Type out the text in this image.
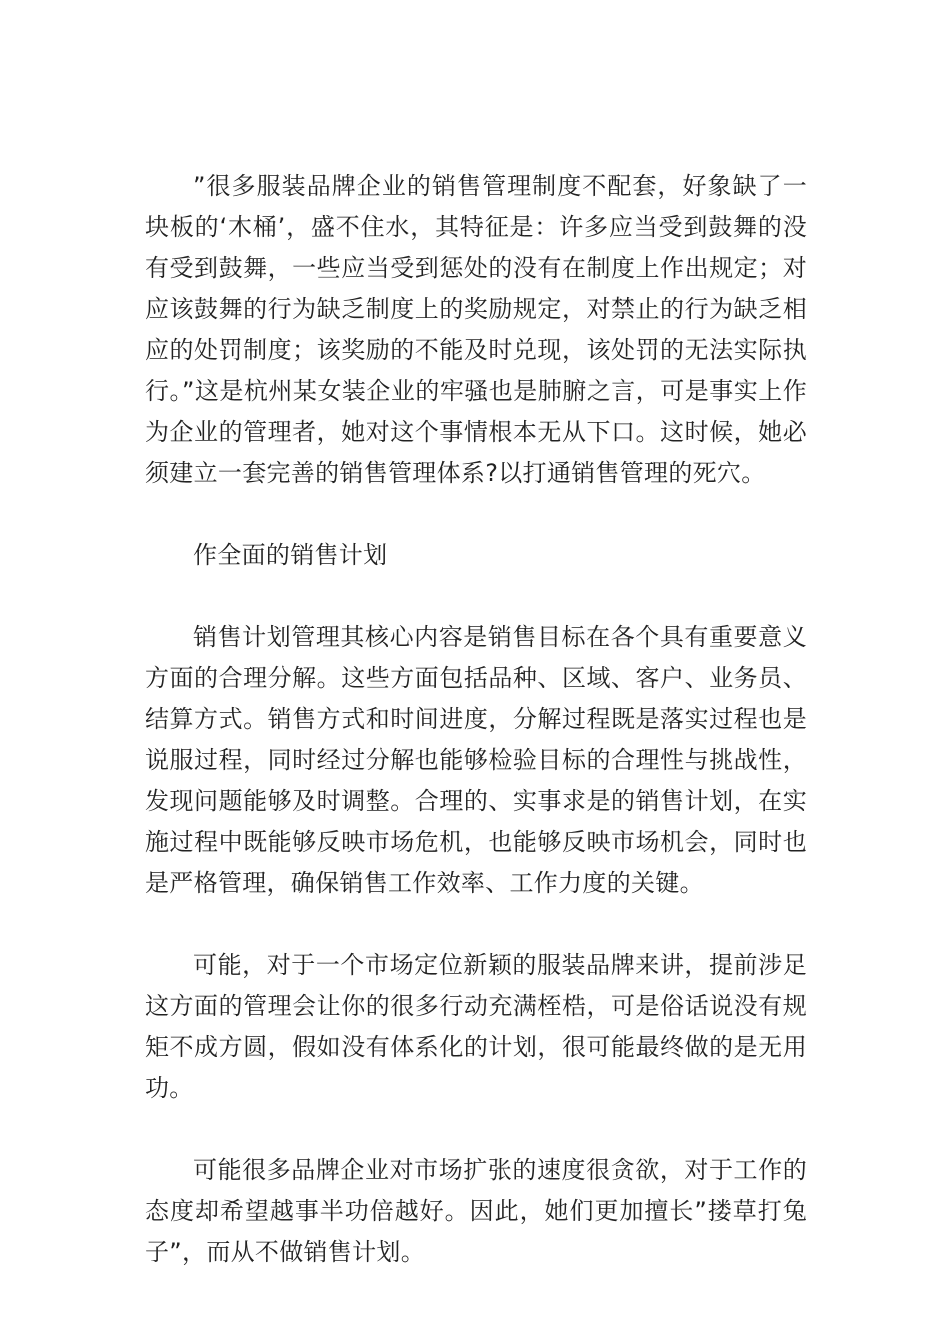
”很多服装品牌企业的销售管理制度不配套，好象缺了一块板的‘木桶’，盛不住水，其特征是：许多应当受到鼓舞的没有受到鼓舞，一些应当受到惩处的没有在制度上作出规定；对应该鼓舞的行为缺乏制度上的奖励规定，对禁止的行为缺乏相应的处罚制度；该奖励的不能及时兑现，该处罚的无法实际执行。”这是杭州某女装企业的牢骚也是肺腑之言，可是事实上作为企业的管理者，她对这个事情根本无从下口。这时候，她必须建立一套完善的销售管理体系?以打通销售管理的死穴。

作全面的销售计划

销售计划管理其核心内容是销售目标在各个具有重要意义方面的合理分解。这些方面包括品种、区域、客户、业务员、结算方式。销售方式和时间进度，分解过程既是落实过程也是说服过程，同时经过分解也能够检验目标的合理性与挑战性，发现问题能够及时调整。合理的、实事求是的销售计划，在实施过程中既能够反映市场危机，也能够反映市场机会，同时也是严格管理，确保销售工作效率、工作力度的关键。

可能，对于一个市场定位新颖的服装品牌来讲，提前涉足这方面的管理会让你的很多行动充满桎梏，可是俗话说没有规矩不成方圆，假如没有体系化的计划，很可能最终做的是无用功。

可能很多品牌企业对市场扩张的速度很贪欲，对于工作的态度却希望越事半功倍越好。因此，她们更加擅长”搂草打兔子”，而从不做销售计划。
